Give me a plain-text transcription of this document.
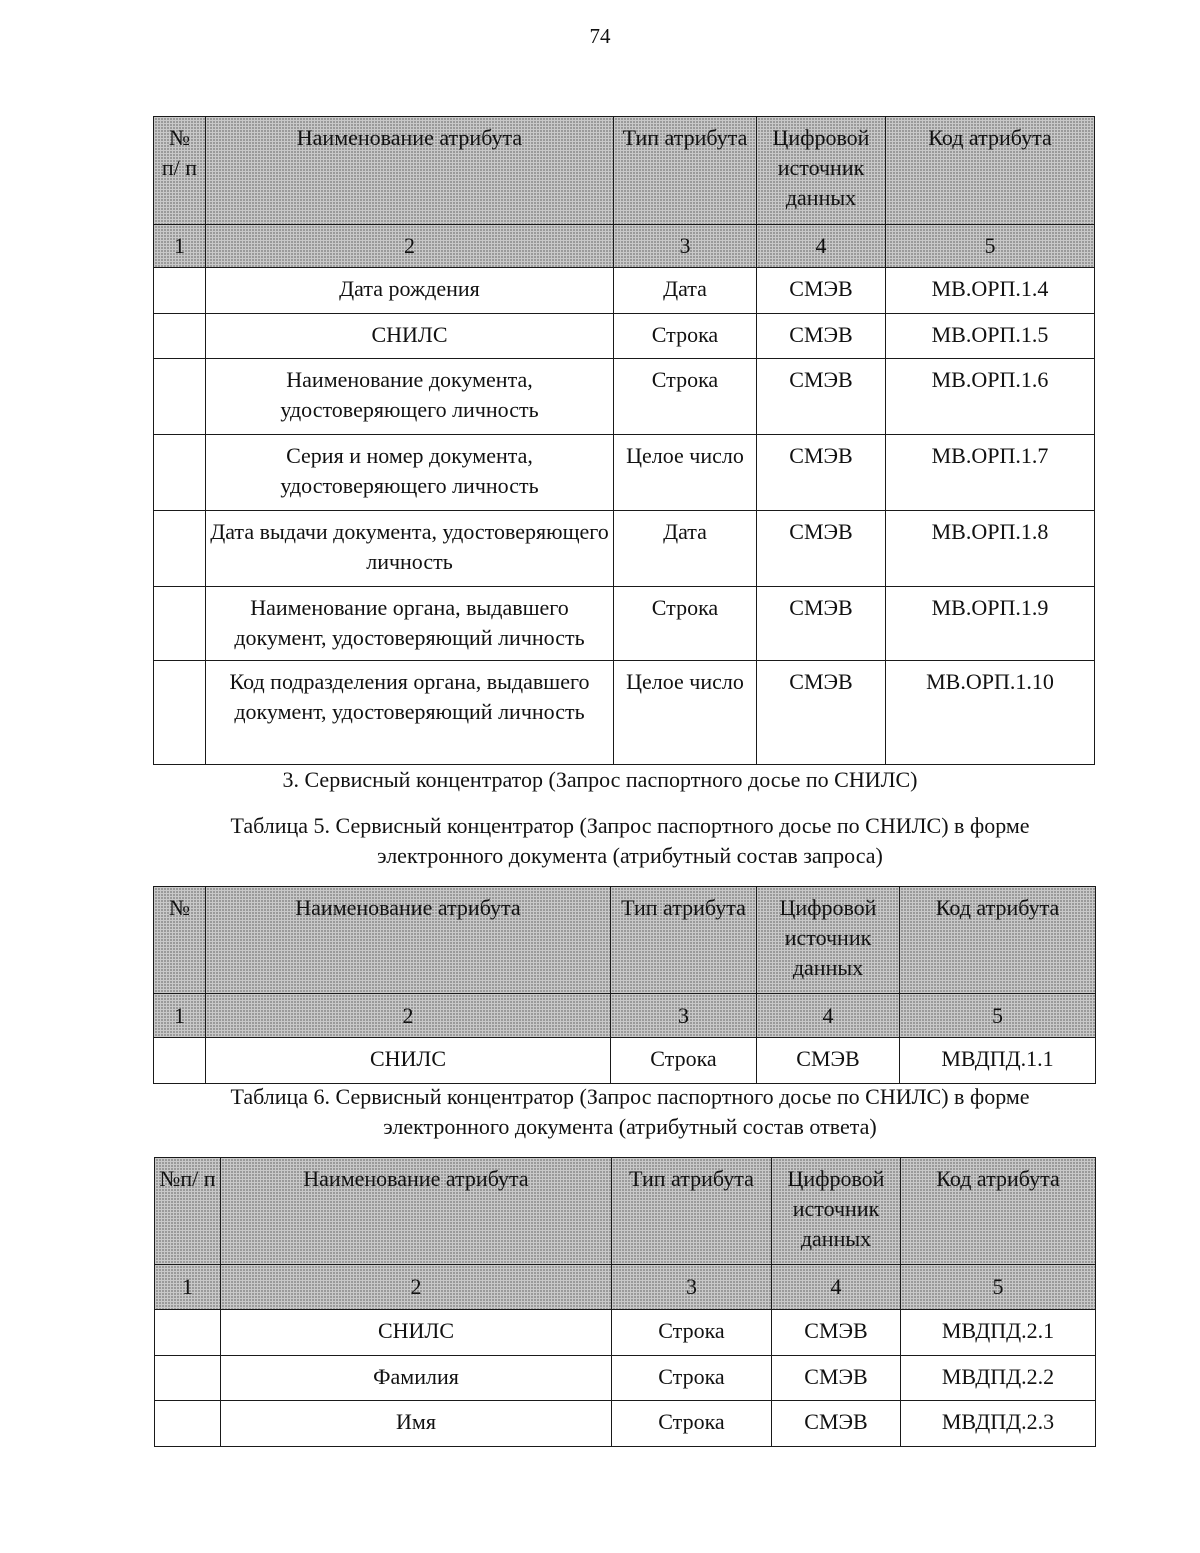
74
№ п/ п	Наименование атрибута	Тип атрибута	Цифровой источник данных	Код атрибута
1	2	3	4	5
	Дата рождения	Дата	СМЭВ	МВ.ОРП.1.4
	СНИЛС	Строка	СМЭВ	МВ.ОРП.1.5
	Наименование документа, удостоверяющего личность	Строка	СМЭВ	МВ.ОРП.1.6
	Серия и номер документа, удостоверяющего личность	Целое число	СМЭВ	МВ.ОРП.1.7
	Дата выдачи документа, удостоверяющего личность	Дата	СМЭВ	МВ.ОРП.1.8
	Наименование органа, выдавшего документ, удостоверяющий личность	Строка	СМЭВ	МВ.ОРП.1.9
	Код подразделения органа, выдавшего документ, удостоверяющий личность	Целое число	СМЭВ	МВ.ОРП.1.10
3. Сервисный концентратор (Запрос паспортного досье по СНИЛС)
Таблица 5. Сервисный концентратор (Запрос паспортного досье по СНИЛС) в форме электронного документа (атрибутный состав запроса)
№	Наименование атрибута	Тип атрибута	Цифровой источник данных	Код атрибута
1	2	3	4	5
	СНИЛС	Строка	СМЭВ	МВДПД.1.1
Таблица 6. Сервисный концентратор (Запрос паспортного досье по СНИЛС) в форме электронного документа (атрибутный состав ответа)
№п/ п	Наименование атрибута	Тип атрибута	Цифровой источник данных	Код атрибута
1	2	3	4	5
	СНИЛС	Строка	СМЭВ	МВДПД.2.1
	Фамилия	Строка	СМЭВ	МВДПД.2.2
	Имя	Строка	СМЭВ	МВДПД.2.3
